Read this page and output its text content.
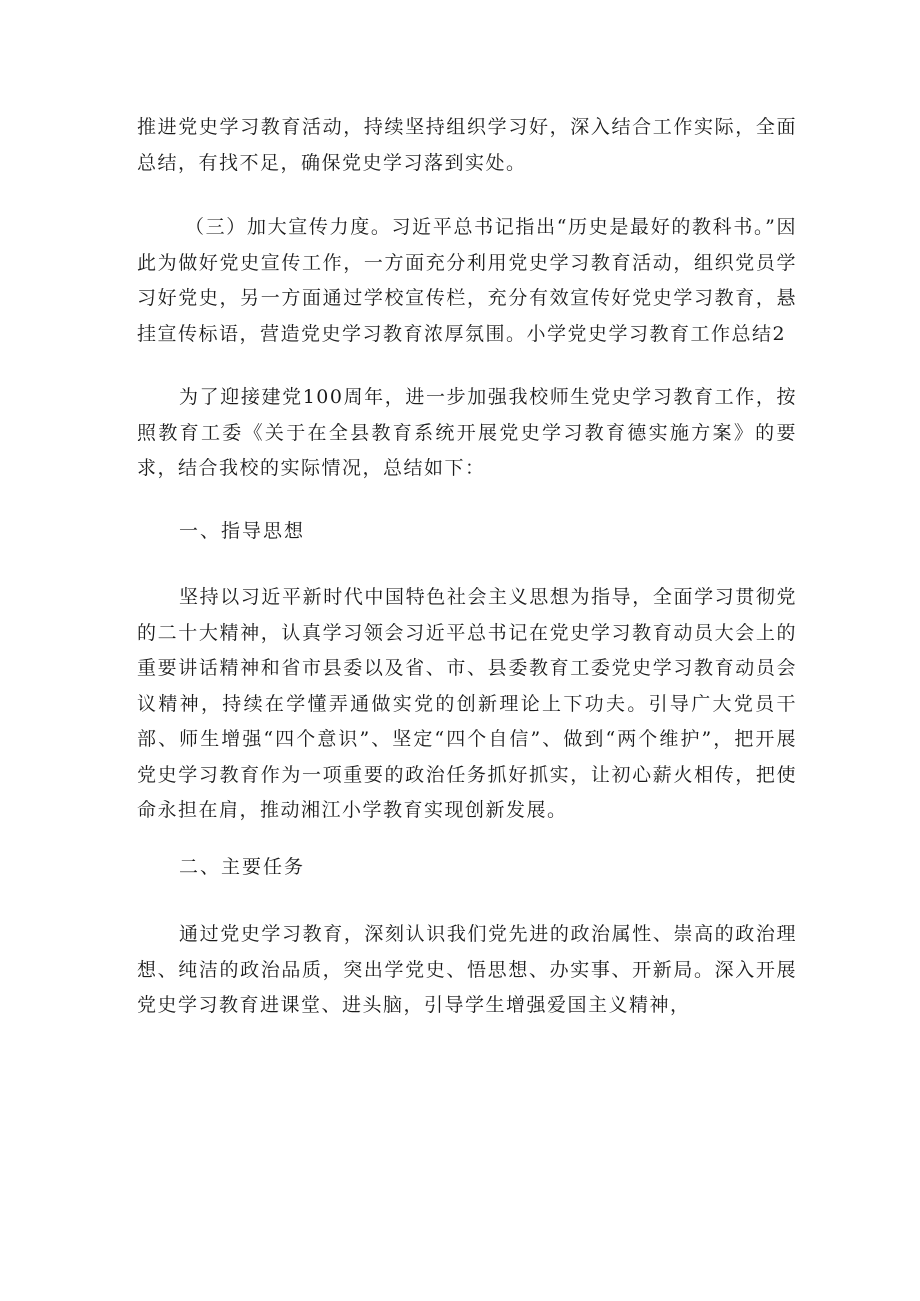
推进党史学习教育活动，持续坚持组织学习好，深入结合工作实际，全面总结，有找不足，确保党史学习落到实处。

（三）加大宣传力度。习近平总书记指出“历史是最好的教科书。”因此为做好党史宣传工作，一方面充分利用党史学习教育活动，组织党员学习好党史，另一方面通过学校宣传栏，充分有效宣传好党史学习教育，悬挂宣传标语，营造党史学习教育浓厚氛围。小学党史学习教育工作总结2

为了迎接建党100周年，进一步加强我校师生党史学习教育工作，按照教育工委《关于在全县教育系统开展党史学习教育德实施方案》的要求，结合我校的实际情况，总结如下：

一、指导思想

坚持以习近平新时代中国特色社会主义思想为指导，全面学习贯彻党的二十大精神，认真学习领会习近平总书记在党史学习教育动员大会上的重要讲话精神和省市县委以及省、市、县委教育工委党史学习教育动员会议精神，持续在学懂弄通做实党的创新理论上下功夫。引导广大党员干部、师生增强“四个意识”、坚定“四个自信”、做到“两个维护”，把开展党史学习教育作为一项重要的政治任务抓好抓实，让初心薪火相传，把使命永担在肩，推动湘江小学教育实现创新发展。

二、主要任务

通过党史学习教育，深刻认识我们党先进的政治属性、崇高的政治理想、纯洁的政治品质，突出学党史、悟思想、办实事、开新局。深入开展党史学习教育进课堂、进头脑，引导学生增强爱国主义精神，
